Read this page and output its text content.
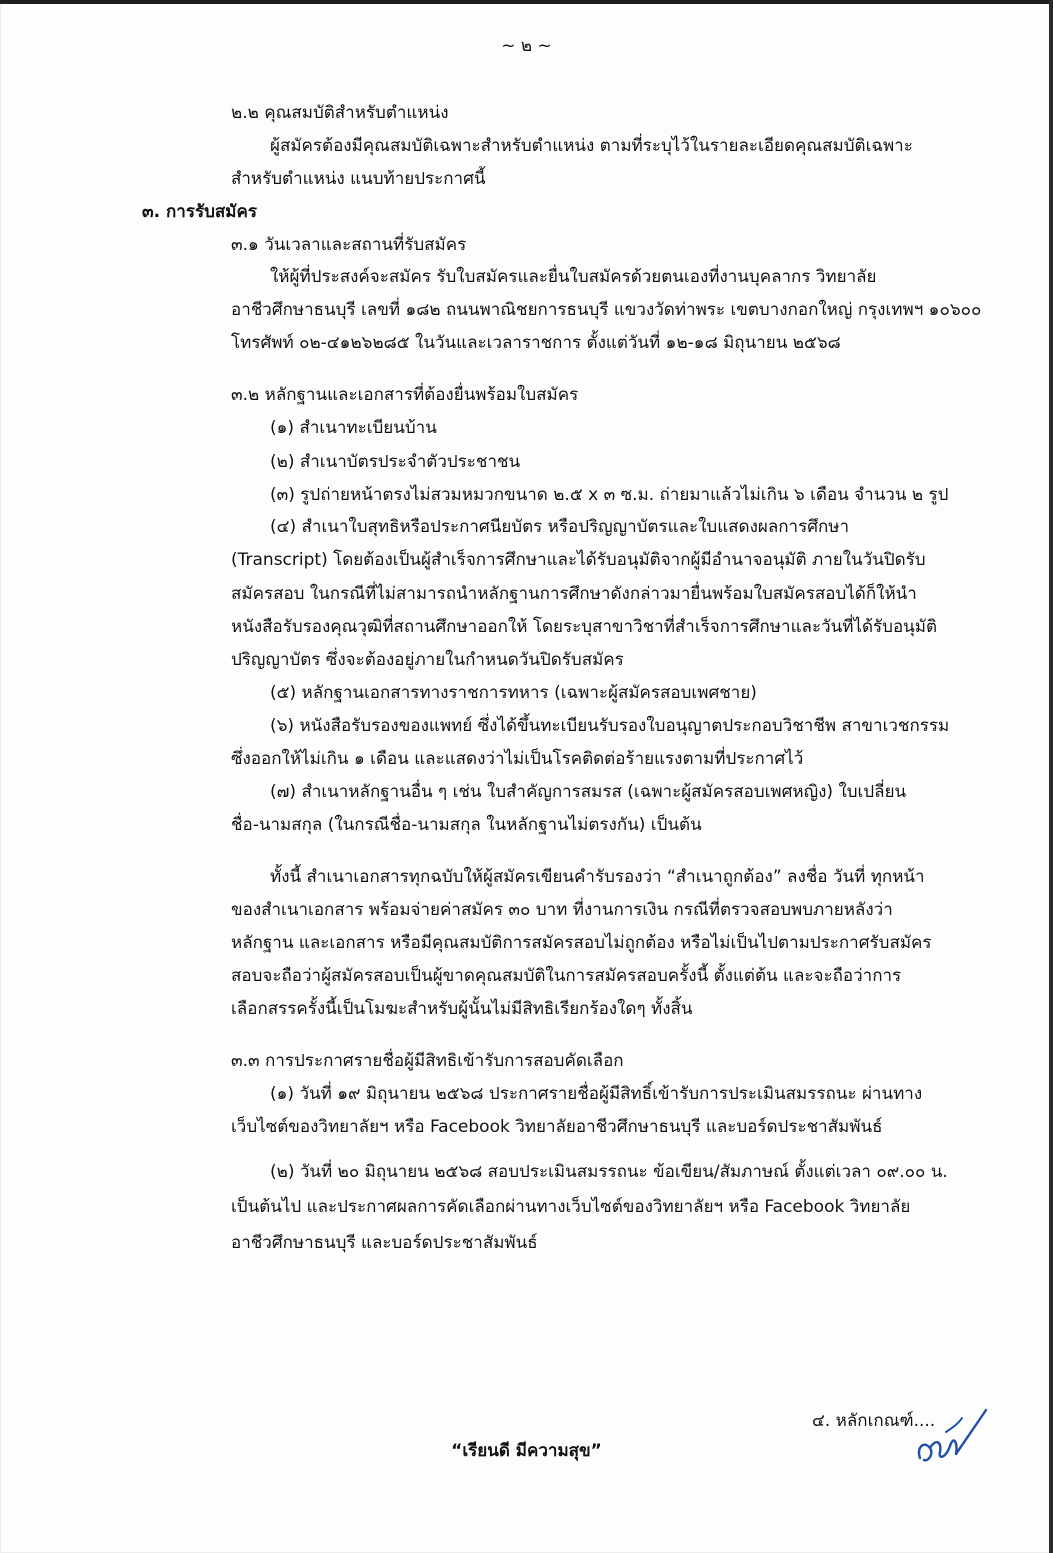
~ ๒ ~
๒.๒ คุณสมบัติสำหรับตำแหน่ง
ผู้สมัครต้องมีคุณสมบัติเฉพาะสำหรับตำแหน่ง ตามที่ระบุไว้ในรายละเอียดคุณสมบัติเฉพาะ
สำหรับตำแหน่ง แนบท้ายประกาศนี้
๓. การรับสมัคร
๓.๑ วันเวลาและสถานที่รับสมัคร
ให้ผู้ที่ประสงค์จะสมัคร รับใบสมัครและยื่นใบสมัครด้วยตนเองที่งานบุคลากร วิทยาลัย
อาชีวศึกษาธนบุรี เลขที่ ๑๘๒ ถนนพาณิชยการธนบุรี แขวงวัดท่าพระ เขตบางกอกใหญ่ กรุงเทพฯ ๑๐๖๐๐
โทรศัพท์ ๐๒-๔๑๒๖๒๘๕ ในวันและเวลาราชการ ตั้งแต่วันที่ ๑๒-๑๘ มิถุนายน ๒๕๖๘
๓.๒ หลักฐานและเอกสารที่ต้องยื่นพร้อมใบสมัคร
(๑) สำเนาทะเบียนบ้าน
(๒) สำเนาบัตรประจำตัวประชาชน
(๓) รูปถ่ายหน้าตรงไม่สวมหมวกขนาด ๒.๕ x ๓ ซ.ม. ถ่ายมาแล้วไม่เกิน ๖ เดือน จำนวน ๒ รูป
(๔) สำเนาใบสุทธิหรือประกาศนียบัตร หรือปริญญาบัตรและใบแสดงผลการศึกษา
(Transcript) โดยต้องเป็นผู้สำเร็จการศึกษาและได้รับอนุมัติจากผู้มีอำนาจอนุมัติ ภายในวันปิดรับ
สมัครสอบ ในกรณีที่ไม่สามารถนำหลักฐานการศึกษาดังกล่าวมายื่นพร้อมใบสมัครสอบได้ก็ให้นำ
หนังสือรับรองคุณวุฒิที่สถานศึกษาออกให้ โดยระบุสาขาวิชาที่สำเร็จการศึกษาและวันที่ได้รับอนุมัติ
ปริญญาบัตร ซึ่งจะต้องอยู่ภายในกำหนดวันปิดรับสมัคร
(๕) หลักฐานเอกสารทางราชการทหาร (เฉพาะผู้สมัครสอบเพศชาย)
(๖) หนังสือรับรองของแพทย์ ซึ่งได้ขึ้นทะเบียนรับรองใบอนุญาตประกอบวิชาชีพ สาขาเวชกรรม
ซึ่งออกให้ไม่เกิน ๑ เดือน และแสดงว่าไม่เป็นโรคติดต่อร้ายแรงตามที่ประกาศไว้
(๗) สำเนาหลักฐานอื่น ๆ เช่น ใบสำคัญการสมรส (เฉพาะผู้สมัครสอบเพศหญิง) ใบเปลี่ยน
ชื่อ-นามสกุล (ในกรณีชื่อ-นามสกุล ในหลักฐานไม่ตรงกัน) เป็นต้น
ทั้งนี้ สำเนาเอกสารทุกฉบับให้ผู้สมัครเขียนคำรับรองว่า “สำเนาถูกต้อง” ลงชื่อ วันที่ ทุกหน้า
ของสำเนาเอกสาร พร้อมจ่ายค่าสมัคร ๓๐ บาท ที่งานการเงิน กรณีที่ตรวจสอบพบภายหลังว่า
หลักฐาน และเอกสาร หรือมีคุณสมบัติการสมัครสอบไม่ถูกต้อง หรือไม่เป็นไปตามประกาศรับสมัคร
สอบจะถือว่าผู้สมัครสอบเป็นผู้ขาดคุณสมบัติในการสมัครสอบครั้งนี้ ตั้งแต่ต้น และจะถือว่าการ
เลือกสรรครั้งนี้เป็นโมฆะสำหรับผู้นั้นไม่มีสิทธิเรียกร้องใดๆ ทั้งสิ้น
๓.๓ การประกาศรายชื่อผู้มีสิทธิเข้ารับการสอบคัดเลือก
(๑) วันที่ ๑๙ มิถุนายน ๒๕๖๘ ประกาศรายชื่อผู้มีสิทธิ์เข้ารับการประเมินสมรรถนะ ผ่านทาง
เว็บไซต์ของวิทยาลัยฯ หรือ Facebook วิทยาลัยอาชีวศึกษาธนบุรี และบอร์ดประชาสัมพันธ์
(๒) วันที่ ๒๐ มิถุนายน ๒๕๖๘ สอบประเมินสมรรถนะ ข้อเขียน/สัมภาษณ์ ตั้งแต่เวลา ๐๙.๐๐ น.
เป็นต้นไป และประกาศผลการคัดเลือกผ่านทางเว็บไซต์ของวิทยาลัยฯ หรือ Facebook วิทยาลัย
อาชีวศึกษาธนบุรี และบอร์ดประชาสัมพันธ์
๔. หลักเกณฑ์....
“เรียนดี มีความสุข”
